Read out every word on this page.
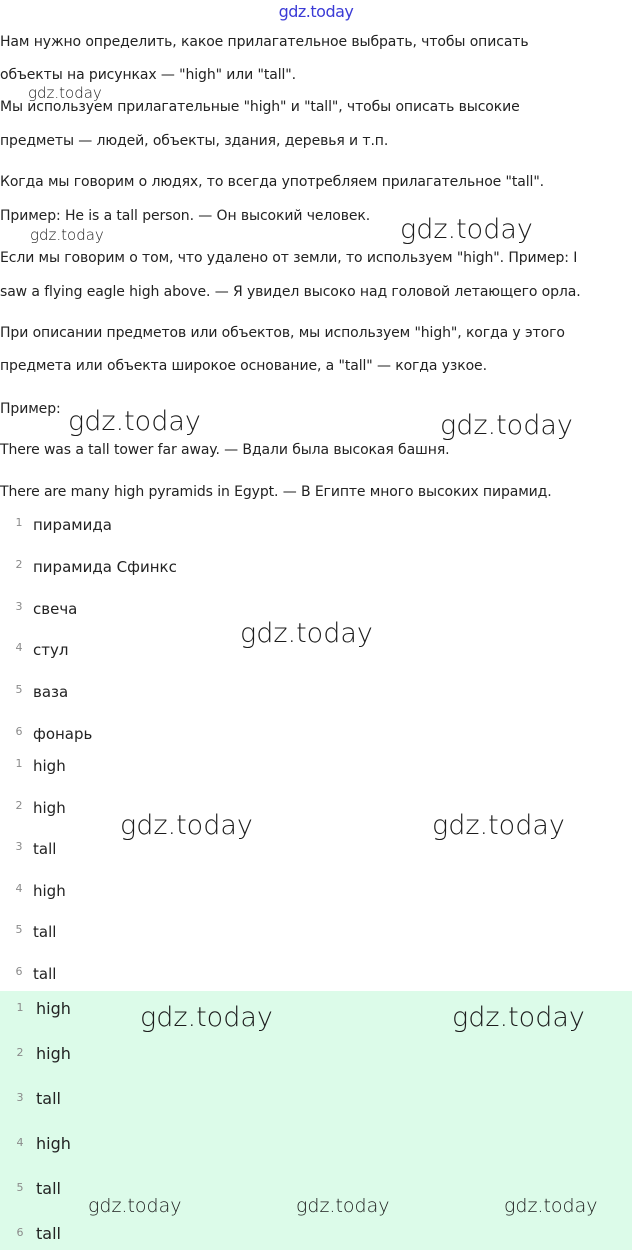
gdz.today
Нам нужно определить, какое прилагательное выбрать, чтобы описать
объекты на рисунках — "high" или "tall".
Мы используем прилагательные "high" и "tall", чтобы описать высокие
предметы — людей, объекты, здания, деревья и т.п.
Когда мы говорим о людях, то всегда употребляем прилагательное "tall".
Пример: He is a tall person. — Он высокий человек.
Если мы говорим о том, что удалено от земли, то используем "high". Пример: I
saw a flying eagle high above. — Я увидел высоко над головой летающего орла.
При описании предметов или объектов, мы используем "high", когда у этого
предмета или объекта широкое основание, а "tall" — когда узкое.
Пример:
There was a tall tower far away. — Вдали была высокая башня.
There are many high pyramids in Egypt. — В Египте много высоких пирамид.
1 пирамида
2 пирамида Сфинкс
3 свеча
4 стул
5 ваза
6 фонарь
1 high
2 high
3 tall
4 high
5 tall
6 tall
1 high
2 high
3 tall
4 high
5 tall
6 tall
gdz.today
gdz.today	gdz.today
gdz.today	gdz.today
gdz.today
gdz.today	gdz.today
gdz.today	gdz.today
gdz.today	gdz.today	gdz.today
